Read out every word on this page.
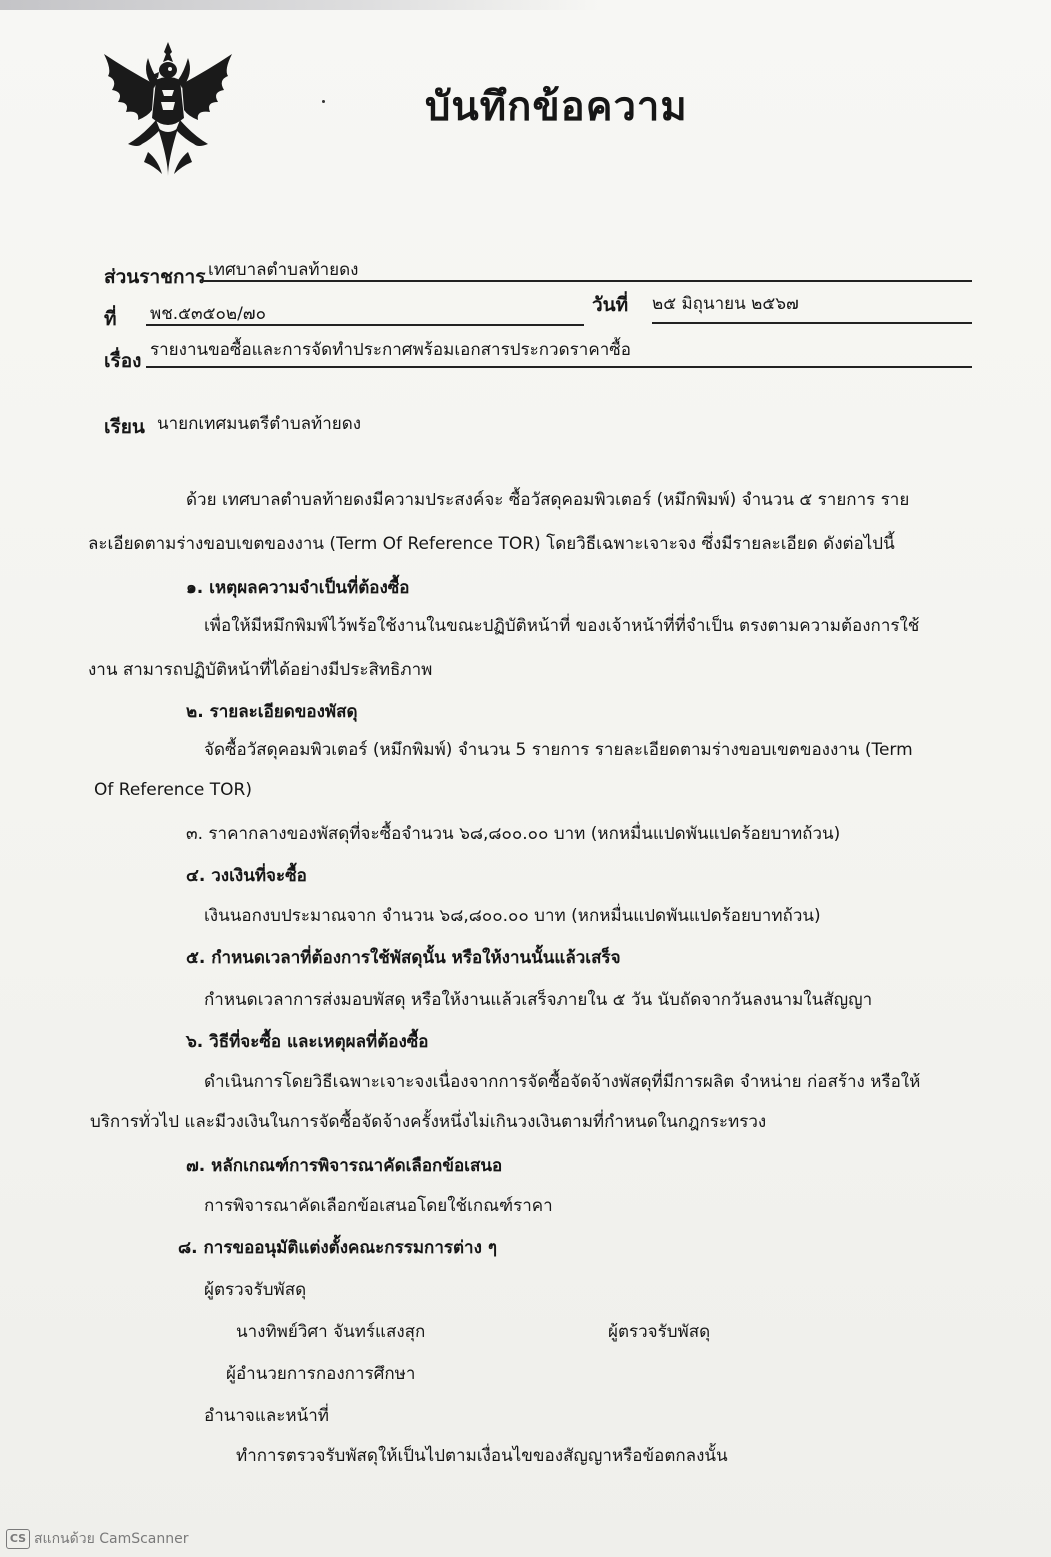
บันทึกข้อความ
ส่วนราชการ เทศบาลตำบลท้ายดง
ที่ พช.๕๓๕๐๒/๗๐	วันที่ ๒๕ มิถุนายน ๒๕๖๗
เรื่อง รายงานขอซื้อและการจัดทำประกาศพร้อมเอกสารประกวดราคาซื้อ
เรียน นายกเทศมนตรีตำบลท้ายดง
ด้วย เทศบาลตำบลท้ายดงมีความประสงค์จะ ซื้อวัสดุคอมพิวเตอร์ (หมึกพิมพ์) จำนวน ๕ รายการ ราย
ละเอียดตามร่างขอบเขตของงาน (Term Of Reference TOR) โดยวิธีเฉพาะเจาะจง ซึ่งมีรายละเอียด ดังต่อไปนี้
๑. เหตุผลความจำเป็นที่ต้องซื้อ
เพื่อให้มีหมึกพิมพ์ไว้พร้อใช้งานในขณะปฏิบัติหน้าที่ ของเจ้าหน้าที่ที่จำเป็น ตรงตามความต้องการใช้
งาน สามารถปฏิบัติหน้าที่ได้อย่างมีประสิทธิภาพ
๒. รายละเอียดของพัสดุ
จัดซื้อวัสดุคอมพิวเตอร์ (หมึกพิมพ์) จำนวน 5 รายการ รายละเอียดตามร่างขอบเขตของงาน (Term
Of Reference TOR)
๓. ราคากลางของพัสดุที่จะซื้อจำนวน ๖๘,๘๐๐.๐๐ บาท (หกหมื่นแปดพันแปดร้อยบาทถ้วน)
๔. วงเงินที่จะซื้อ
เงินนอกงบประมาณจาก จำนวน ๖๘,๘๐๐.๐๐ บาท (หกหมื่นแปดพันแปดร้อยบาทถ้วน)
๕. กำหนดเวลาที่ต้องการใช้พัสดุนั้น หรือให้งานนั้นแล้วเสร็จ
กำหนดเวลาการส่งมอบพัสดุ หรือให้งานแล้วเสร็จภายใน ๕ วัน นับถัดจากวันลงนามในสัญญา
๖. วิธีที่จะซื้อ และเหตุผลที่ต้องซื้อ
ดำเนินการโดยวิธีเฉพาะเจาะจงเนื่องจากการจัดซื้อจัดจ้างพัสดุที่มีการผลิต จำหน่าย ก่อสร้าง หรือให้
บริการทั่วไป และมีวงเงินในการจัดซื้อจัดจ้างครั้งหนึ่งไม่เกินวงเงินตามที่กำหนดในกฎกระทรวง
๗. หลักเกณฑ์การพิจารณาคัดเลือกข้อเสนอ
การพิจารณาคัดเลือกข้อเสนอโดยใช้เกณฑ์ราคา
๘. การขออนุมัติแต่งตั้งคณะกรรมการต่าง ๆ
ผู้ตรวจรับพัสดุ
นางทิพย์วิศา จันทร์แสงสุก	ผู้ตรวจรับพัสดุ
ผู้อำนวยการกองการศึกษา
อำนาจและหน้าที่
ทำการตรวจรับพัสดุให้เป็นไปตามเงื่อนไขของสัญญาหรือข้อตกลงนั้น
CS สแกนด้วย CamScanner
